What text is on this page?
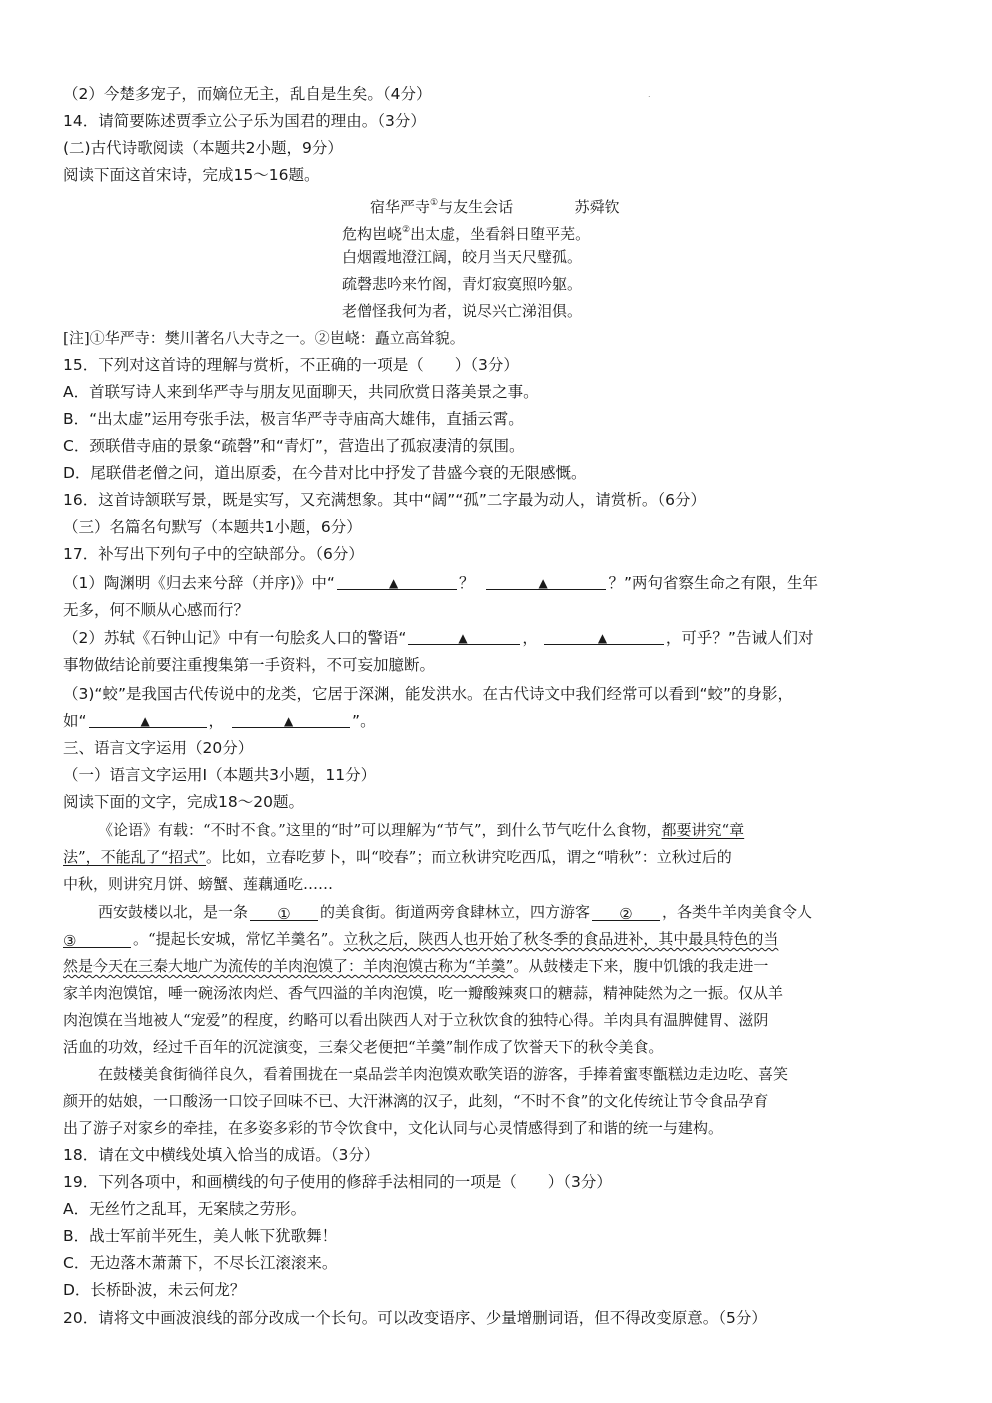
.
（2）今楚多宠子，而嫡位无主，乱自是生矣。（4分）
14．请简要陈述贾季立公子乐为国君的理由。（3分）
(二)古代诗歌阅读（本题共2小题，9分）
阅读下面这首宋诗，完成15～16题。
宿华严寺①与友生会话	苏舜钦
危构岜峣②出太虚，坐看斜日堕平芜。
白烟霞地澄江阔，皎月当天尺璧孤。
疏磬悲吟来竹阁，青灯寂寞照吟躯。
老僧怪我何为者，说尽兴亡涕泪俱。
[注]①华严寺：樊川著名八大寺之一。②岜峣：矗立高耸貌。
15．下列对这首诗的理解与赏析，不正确的一项是（　　）（3分）
A．首联写诗人来到华严寺与朋友见面聊天，共同欣赏日落美景之事。
B．“出太虚”运用夸张手法，极言华严寺寺庙高大雄伟，直插云霄。
C．颈联借寺庙的景象“疏磬”和“青灯”，营造出了孤寂凄清的氛围。
D．尾联借老僧之问，道出原委，在今昔对比中抒发了昔盛今衰的无限感慨。
16．这首诗颔联写景，既是实写，又充满想象。其中“阔”“孤”二字最为动人，请赏析。（6分）
（三）名篇名句默写（本题共1小题，6分）
17．补写出下列句子中的空缺部分。（6分）
（1）陶渊明《归去来兮辞（并序)》中“	▲	？	▲	？”两句省察生命之有限，生年
无多，何不顺从心感而行？
（2）苏轼《石钟山记》中有一句脍炙人口的警语“	▲	，	▲	，可乎？”告诫人们对
事物做结论前要注重搜集第一手资料，不可妄加臆断。
（3)“蛟”是我国古代传说中的龙类，它居于深渊，能发洪水。在古代诗文中我们经常可以看到“蛟”的身影，
如“	▲	，	▲	”。
三、语言文字运用（20分）
（一）语言文字运用Ⅰ（本题共3小题，11分）
阅读下面的文字，完成18～20题。
《论语》有载：“不时不食。”这里的“时”可以理解为“节气”，到什么节气吃什么食物，都要讲究“章
法”，不能乱了“招式”。比如，立春吃萝卜，叫“咬春”；而立秋讲究吃西瓜，谓之“啃秋”：立秋过后的
中秋，则讲究月饼、螃蟹、莲藕通吃……
西安鼓楼以北，是一条 ① 的美食街。街道两旁食肆林立，四方游客 ② ，各类牛羊肉美食令人
③	。“提起长安城，常忆羊羹名”。立秋之后，陕西人也开始了秋冬季的食品进补，其中最具特色的当
然是今天在三秦大地广为流传的羊肉泡馍了：羊肉泡馍古称为“羊羹”。从鼓楼走下来，腹中饥饿的我走进一
家羊肉泡馍馆，唾一碗汤浓肉烂、香气四溢的羊肉泡馍，吃一瓣酸辣爽口的糖蒜，精神陡然为之一振。仅从羊
肉泡馍在当地被人“宠爱”的程度，约略可以看出陕西人对于立秋饮食的独特心得。羊肉具有温脾健胃、滋阴
活血的功效，经过千百年的沉淀演变，三秦父老便把“羊羹”制作成了饮誉天下的秋令美食。
在鼓楼美食街徜徉良久，看着围拢在一桌品尝羊肉泡馍欢歌笑语的游客，手捧着蜜枣甑糕边走边吃、喜笑
颜开的姑娘，一口酸汤一口饺子回味不已、大汗淋漓的汉子，此刻，“不时不食”的文化传统让节令食品孕育
出了游子对家乡的牵挂，在多姿多彩的节令饮食中，文化认同与心灵情感得到了和谐的统一与建构。
18．请在文中横线处填入恰当的成语。（3分）
19．下列各项中，和画横线的句子使用的修辞手法相同的一项是（　　）（3分）
A．无丝竹之乱耳，无案牍之劳形。
B．战士军前半死生，美人帐下犹歌舞！
C．无边落木萧萧下，不尽长江滚滚来。
D．长桥卧波，未云何龙？
20．请将文中画波浪线的部分改成一个长句。可以改变语序、少量增删词语，但不得改变原意。（5分）
